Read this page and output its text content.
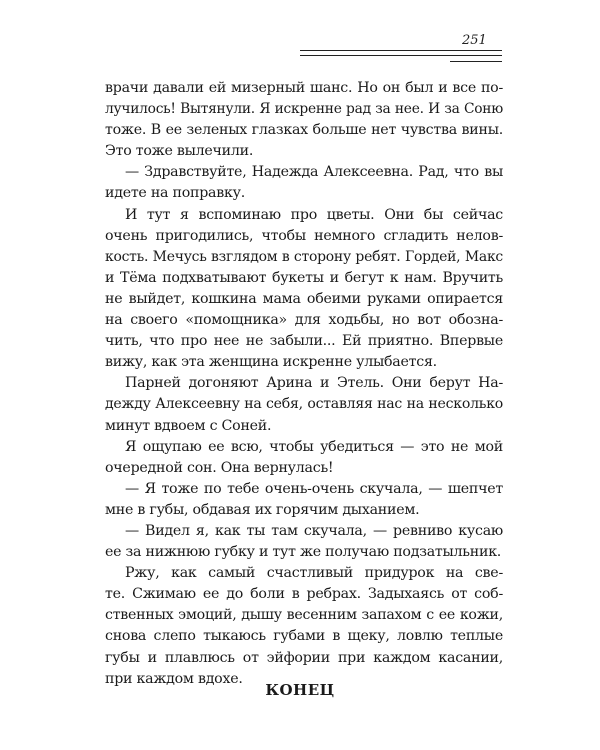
251
врачи давали ей мизерный шанс. Но он был и все по-
лучилось! Вытянули. Я искренне рад за нее. И за Соню
тоже. В ее зеленых глазках больше нет чувства вины.
Это тоже вылечили.
— Здравствуйте, Надежда Алексеевна. Рад, что вы
идете на поправку.
И тут я вспоминаю про цветы. Они бы сейчас
очень пригодились, чтобы немного сгладить нелов-
кость. Мечусь взглядом в сторону ребят. Гордей, Макс
и Тёма подхватывают букеты и бегут к нам. Вручить
не выйдет, кошкина мама обеими руками опирается
на своего «помощника» для ходьбы, но вот обозна-
чить, что про нее не забыли... Ей приятно. Впервые
вижу, как эта женщина искренне улыбается.
Парней догоняют Арина и Этель. Они берут На-
дежду Алексеевну на себя, оставляя нас на несколько
минут вдвоем с Соней.
Я ощупаю ее всю, чтобы убедиться — это не мой
очередной сон. Она вернулась!
— Я тоже по тебе очень-очень скучала, — шепчет
мне в губы, обдавая их горячим дыханием.
— Видел я, как ты там скучала, — ревниво кусаю
ее за нижнюю губку и тут же получаю подзатыльник.
Ржу, как самый счастливый придурок на све-
те. Сжимаю ее до боли в ребрах. Задыхаясь от соб-
ственных эмоций, дышу весенним запахом с ее кожи,
снова слепо тыкаюсь губами в щеку, ловлю теплые
губы и плавлюсь от эйфории при каждом касании,
при каждом вдохе.
КОНЕЦ
